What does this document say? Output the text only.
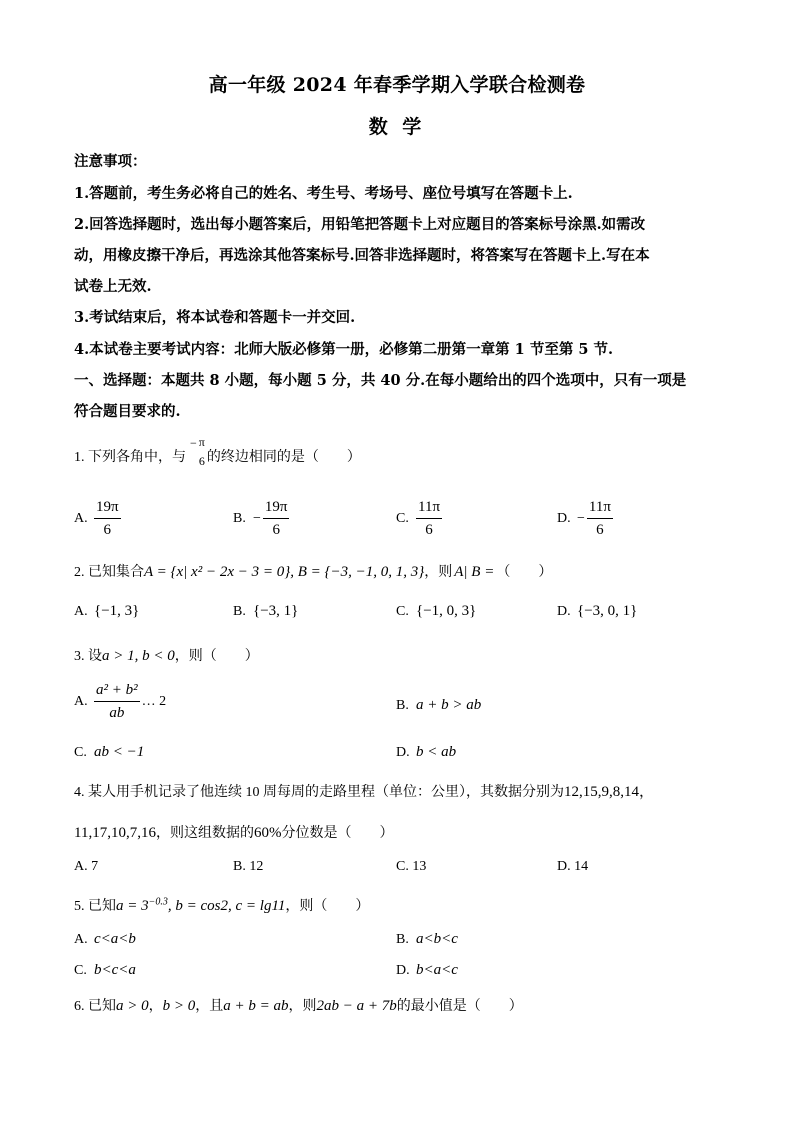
高一年级 2024 年春季学期入学联合检测卷
数 学
注意事项：
1.答题前，考生务必将自己的姓名、考生号、考场号、座位号填写在答题卡上.
2.回答选择题时，选出每小题答案后，用铅笔把答题卡上对应题目的答案标号涂黑.如需改
动，用橡皮擦干净后，再选涂其他答案标号.回答非选择题时，将答案写在答题卡上.写在本
试卷上无效.
3.考试结束后，将本试卷和答题卡一并交回.
4.本试卷主要考试内容：北师大版必修第一册，必修第二册第一章第 1 节至第 5 节.
一、选择题：本题共 8 小题，每小题 5 分，共 40 分.在每小题给出的四个选项中，只有一项是
符合题目要求的.
1. 下列各角中，与
− π
6 的终边相同的是（　　）
A. $\frac{19\pi}{6}$	B. − $\frac{19\pi}{6}$	C. $\frac{11\pi}{6}$	D. − $\frac{11\pi}{6}$
2. 已知集合A = {x| x² − 2x − 3 = 0}, B = {−3, −1, 0, 1, 3}，则 A| B = （　　）
A. {−1, 3}	B. {−3, 1}	C. {−1, 0, 3}	D. {−3, 0, 1}
3. 设a > 1, b < 0，则（　　）
A. $\frac{\text{a² + b²}}{ab}$ … 2	B. a + b > ab
C. ab < −1	D. b < ab
4. 某人用手机记录了他连续 10 周每周的走路里程（单位：公里），其数据分别为12,15,9,8,14，
11,17,10,7,16，则这组数据的60%分位数是（　　）
A. 7	B. 12	C. 13	D. 14
5. 已知$a = 3^{-0.3}$, b = cos2, c = lg11，则（　　）
A. c<a<b	B. a<b<c
C. b<c<a	D. b<a<c
6. 已知a > 0，b > 0，且a + b = ab，则2ab − a + 7b的最小值是（　　）
